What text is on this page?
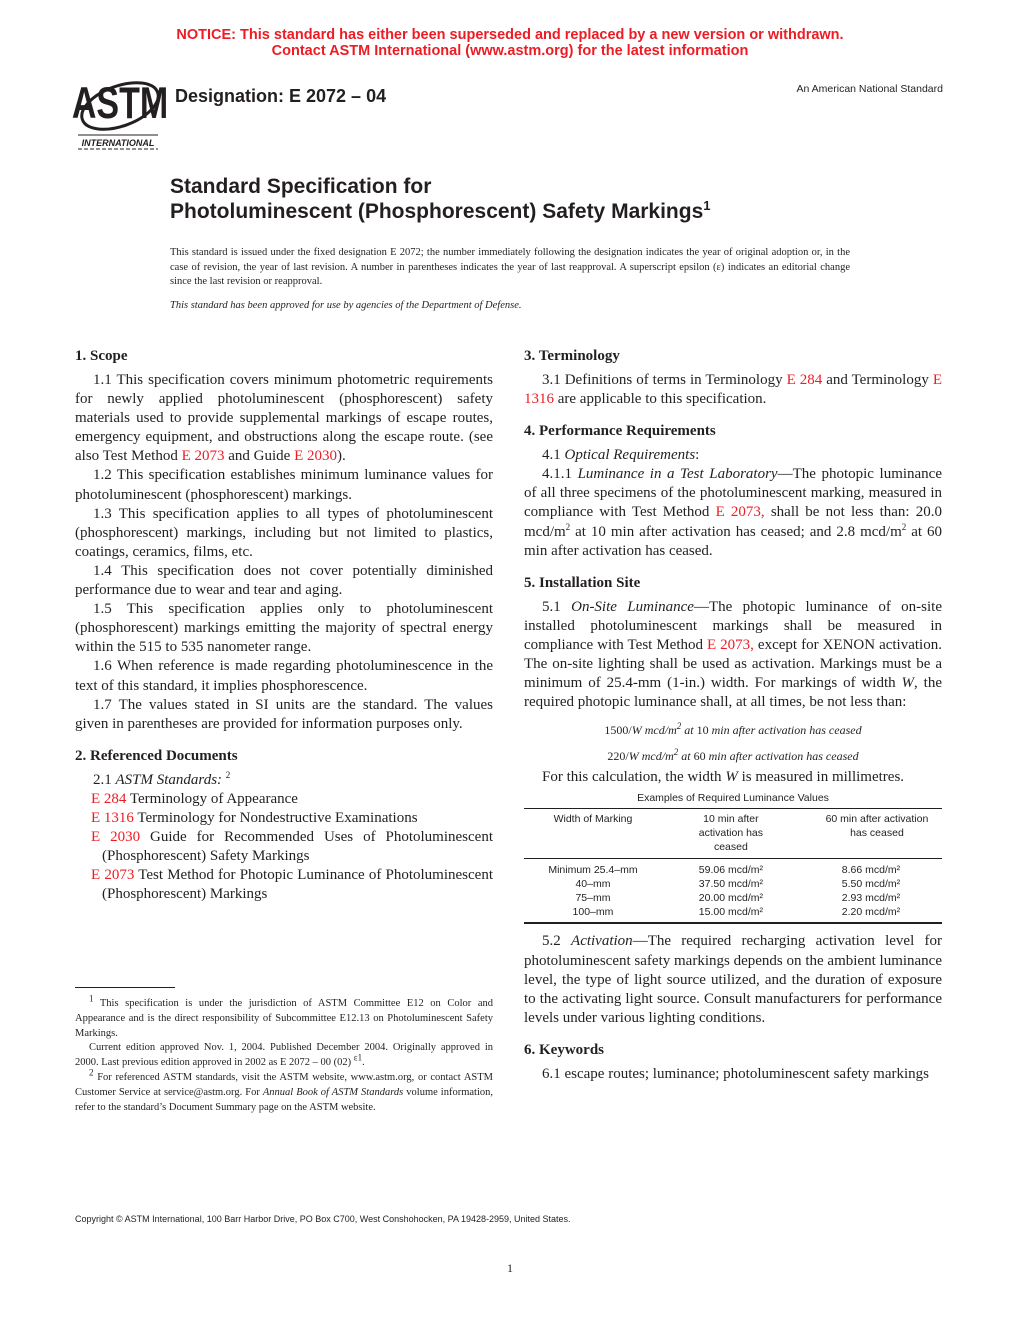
NOTICE: This standard has either been superseded and replaced by a new version or withdrawn.
Contact ASTM International (www.astm.org) for the latest information
ASTM
INTERNATIONAL
Designation: E 2072 – 04	An American National Standard
Standard Specification for
Photoluminescent (Phosphorescent) Safety Markings$^1$
This standard is issued under the fixed designation E 2072; the number immediately following the designation indicates the year of original adoption or, in the case of revision, the year of last revision. A number in parentheses indicates the year of last reapproval. A superscript epsilon (ε) indicates an editorial change since the last revision or reapproval.
This standard has been approved for use by agencies of the Department of Defense.
1. Scope

1.1 This specification covers minimum photometric requirements for newly applied photoluminescent (phosphorescent) safety materials used to provide supplemental markings of escape routes, emergency equipment, and obstructions along the escape route. (see also Test Method E 2073 and Guide E 2030).

1.2 This specification establishes minimum luminance values for photoluminescent (phosphorescent) markings.

1.3 This specification applies to all types of photoluminescent (phosphorescent) markings, including but not limited to plastics, coatings, ceramics, films, etc.

1.4 This specification does not cover potentially diminished performance due to wear and tear and aging.

1.5 This specification applies only to photoluminescent (phosphorescent) markings emitting the majority of spectral energy within the 515 to 535 nanometer range.

1.6 When reference is made regarding photoluminescence in the text of this standard, it implies phosphorescence.

1.7 The values stated in SI units are the standard. The values given in parentheses are provided for information purposes only.

2. Referenced Documents

2.1 ASTM Standards: $^2$

E 284 Terminology of Appearance

E 1316 Terminology for Nondestructive Examinations

E 2030 Guide for Recommended Uses of Photoluminescent (Phosphorescent) Safety Markings

E 2073 Test Method for Photopic Luminance of Photoluminescent (Phosphorescent) Markings

3. Terminology

3.1 Definitions of terms in Terminology E 284 and Terminology E 1316 are applicable to this specification.

4. Performance Requirements

4.1 Optical Requirements:

4.1.1 Luminance in a Test Laboratory—The photopic luminance of all three specimens of the photoluminescent marking, measured in compliance with Test Method E 2073, shall be not less than: 20.0 mcd/$m^2$ at 10 min after activation has ceased; and 2.8 mcd/$m^2$ at 60 min after activation has ceased.

5. Installation Site

5.1 On-Site Luminance—The photopic luminance of on-site installed photoluminescent markings shall be measured in compliance with Test Method E 2073, except for XENON activation. The on-site lighting shall be used as activation. Markings must be a minimum of 25.4-mm (1-in.) width. For markings of width W, the required photopic luminance shall, at all times, be not less than:

1500/W mcd/$m^2$ at 10 min after activation has ceased
220/W mcd/$m^2$ at 60 min after activation has ceased

For this calculation, the width W is measured in millimetres.

Examples of Required Luminance Values
Width of Marking	10 min after activation has ceased	60 min after activation has ceased
Minimum 25.4–mm	59.06 mcd/m²	8.66 mcd/m²
40–mm	37.50 mcd/m²	5.50 mcd/m²
75–mm	20.00 mcd/m²	2.93 mcd/m²
100–mm	15.00 mcd/m²	2.20 mcd/m²

5.2 Activation—The required recharging activation level for photoluminescent safety markings depends on the ambient luminance level, the type of light source utilized, and the duration of exposure to the activating light source. Consult manufacturers for performance levels under various lighting conditions.

6. Keywords

6.1 escape routes; luminance; photoluminescent safety markings

$^1$ This specification is under the jurisdiction of ASTM Committee E12 on Color and Appearance and is the direct responsibility of Subcommittee E12.13 on Photoluminescent Safety Markings.

Current edition approved Nov. 1, 2004. Published December 2004. Originally approved in 2000. Last previous edition approved in 2002 as E 2072 – 00 (02) $^{\varepsilon 1}$.

$^2$ For referenced ASTM standards, visit the ASTM website, www.astm.org, or contact ASTM Customer Service at service@astm.org. For Annual Book of ASTM Standards volume information, refer to the standard’s Document Summary page on the ASTM website.

Copyright © ASTM International, 100 Barr Harbor Drive, PO Box C700, West Conshohocken, PA 19428-2959, United States.
1
